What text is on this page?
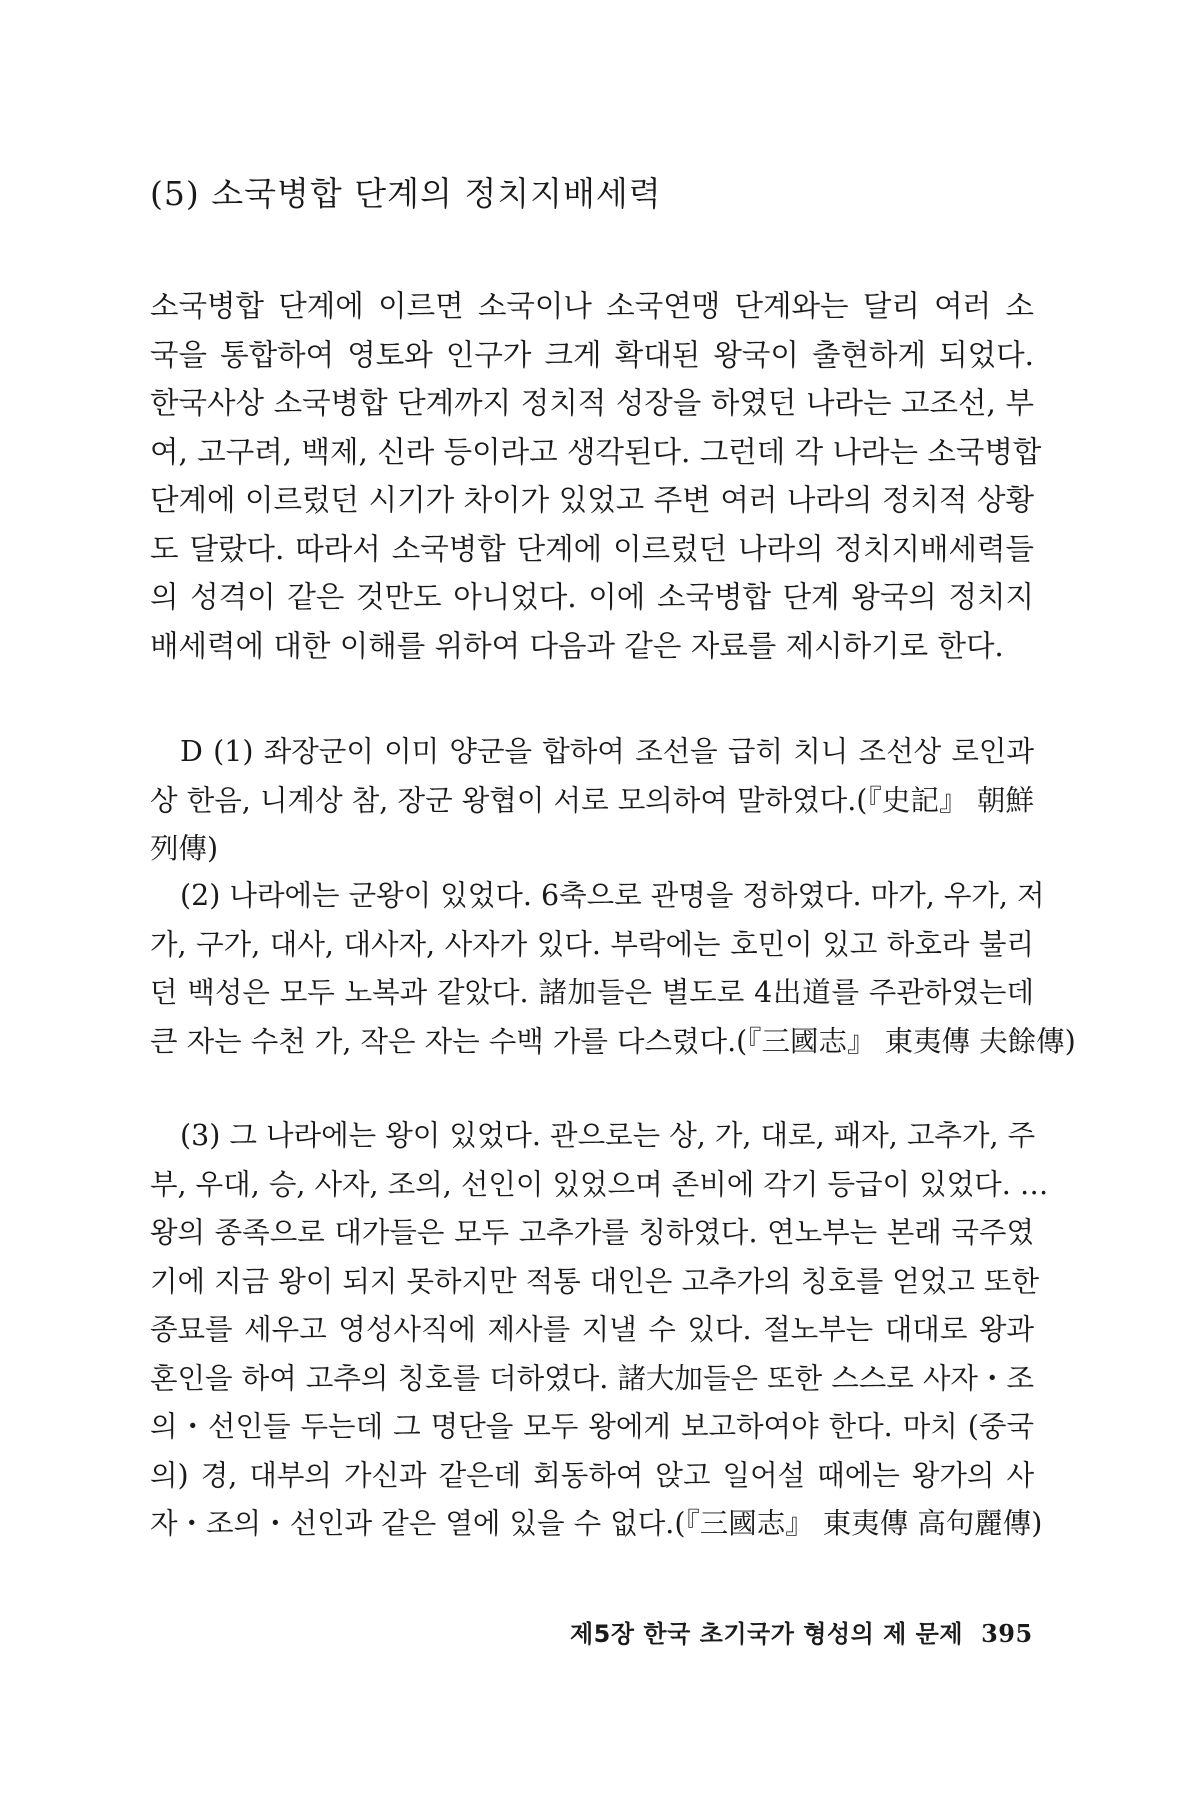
(5) 소국병합 단계의 정치지배세력
소국병합 단계에 이르면 소국이나 소국연맹 단계와는 달리 여러 소
국을 통합하여 영토와 인구가 크게 확대된 왕국이 출현하게 되었다.
한국사상 소국병합 단계까지 정치적 성장을 하였던 나라는 고조선, 부
여, 고구려, 백제, 신라 등이라고 생각된다. 그런데 각 나라는 소국병합
단계에 이르렀던 시기가 차이가 있었고 주변 여러 나라의 정치적 상황
도 달랐다. 따라서 소국병합 단계에 이르렀던 나라의 정치지배세력들
의 성격이 같은 것만도 아니었다. 이에 소국병합 단계 왕국의 정치지
배세력에 대한 이해를 위하여 다음과 같은 자료를 제시하기로 한다.
D (1) 좌장군이 이미 양군을 합하여 조선을 급히 치니 조선상 로인과
상 한음, 니계상 참, 장군 왕협이 서로 모의하여 말하였다.(『史記』 朝鮮
列傳)
(2) 나라에는 군왕이 있었다. 6축으로 관명을 정하였다. 마가, 우가, 저
가, 구가, 대사, 대사자, 사자가 있다. 부락에는 호민이 있고 하호라 불리
던 백성은 모두 노복과 같았다. 諸加들은 별도로 4出道를 주관하였는데
큰 자는 수천 가, 작은 자는 수백 가를 다스렸다.(『三國志』 東夷傳 夫餘傳)
(3) 그 나라에는 왕이 있었다. 관으로는 상, 가, 대로, 패자, 고추가, 주
부, 우대, 승, 사자, 조의, 선인이 있었으며 존비에 각기 등급이 있었다. …
왕의 종족으로 대가들은 모두 고추가를 칭하였다. 연노부는 본래 국주였
기에 지금 왕이 되지 못하지만 적통 대인은 고추가의 칭호를 얻었고 또한
종묘를 세우고 영성사직에 제사를 지낼 수 있다. 절노부는 대대로 왕과
혼인을 하여 고추의 칭호를 더하였다. 諸大加들은 또한 스스로 사자・조
의・선인들 두는데 그 명단을 모두 왕에게 보고하여야 한다. 마치 (중국
의) 경, 대부의 가신과 같은데 회동하여 앉고 일어설 때에는 왕가의 사
자・조의・선인과 같은 열에 있을 수 없다.(『三國志』 東夷傳 高句麗傳)
제5장 한국 초기국가 형성의 제 문제 395
